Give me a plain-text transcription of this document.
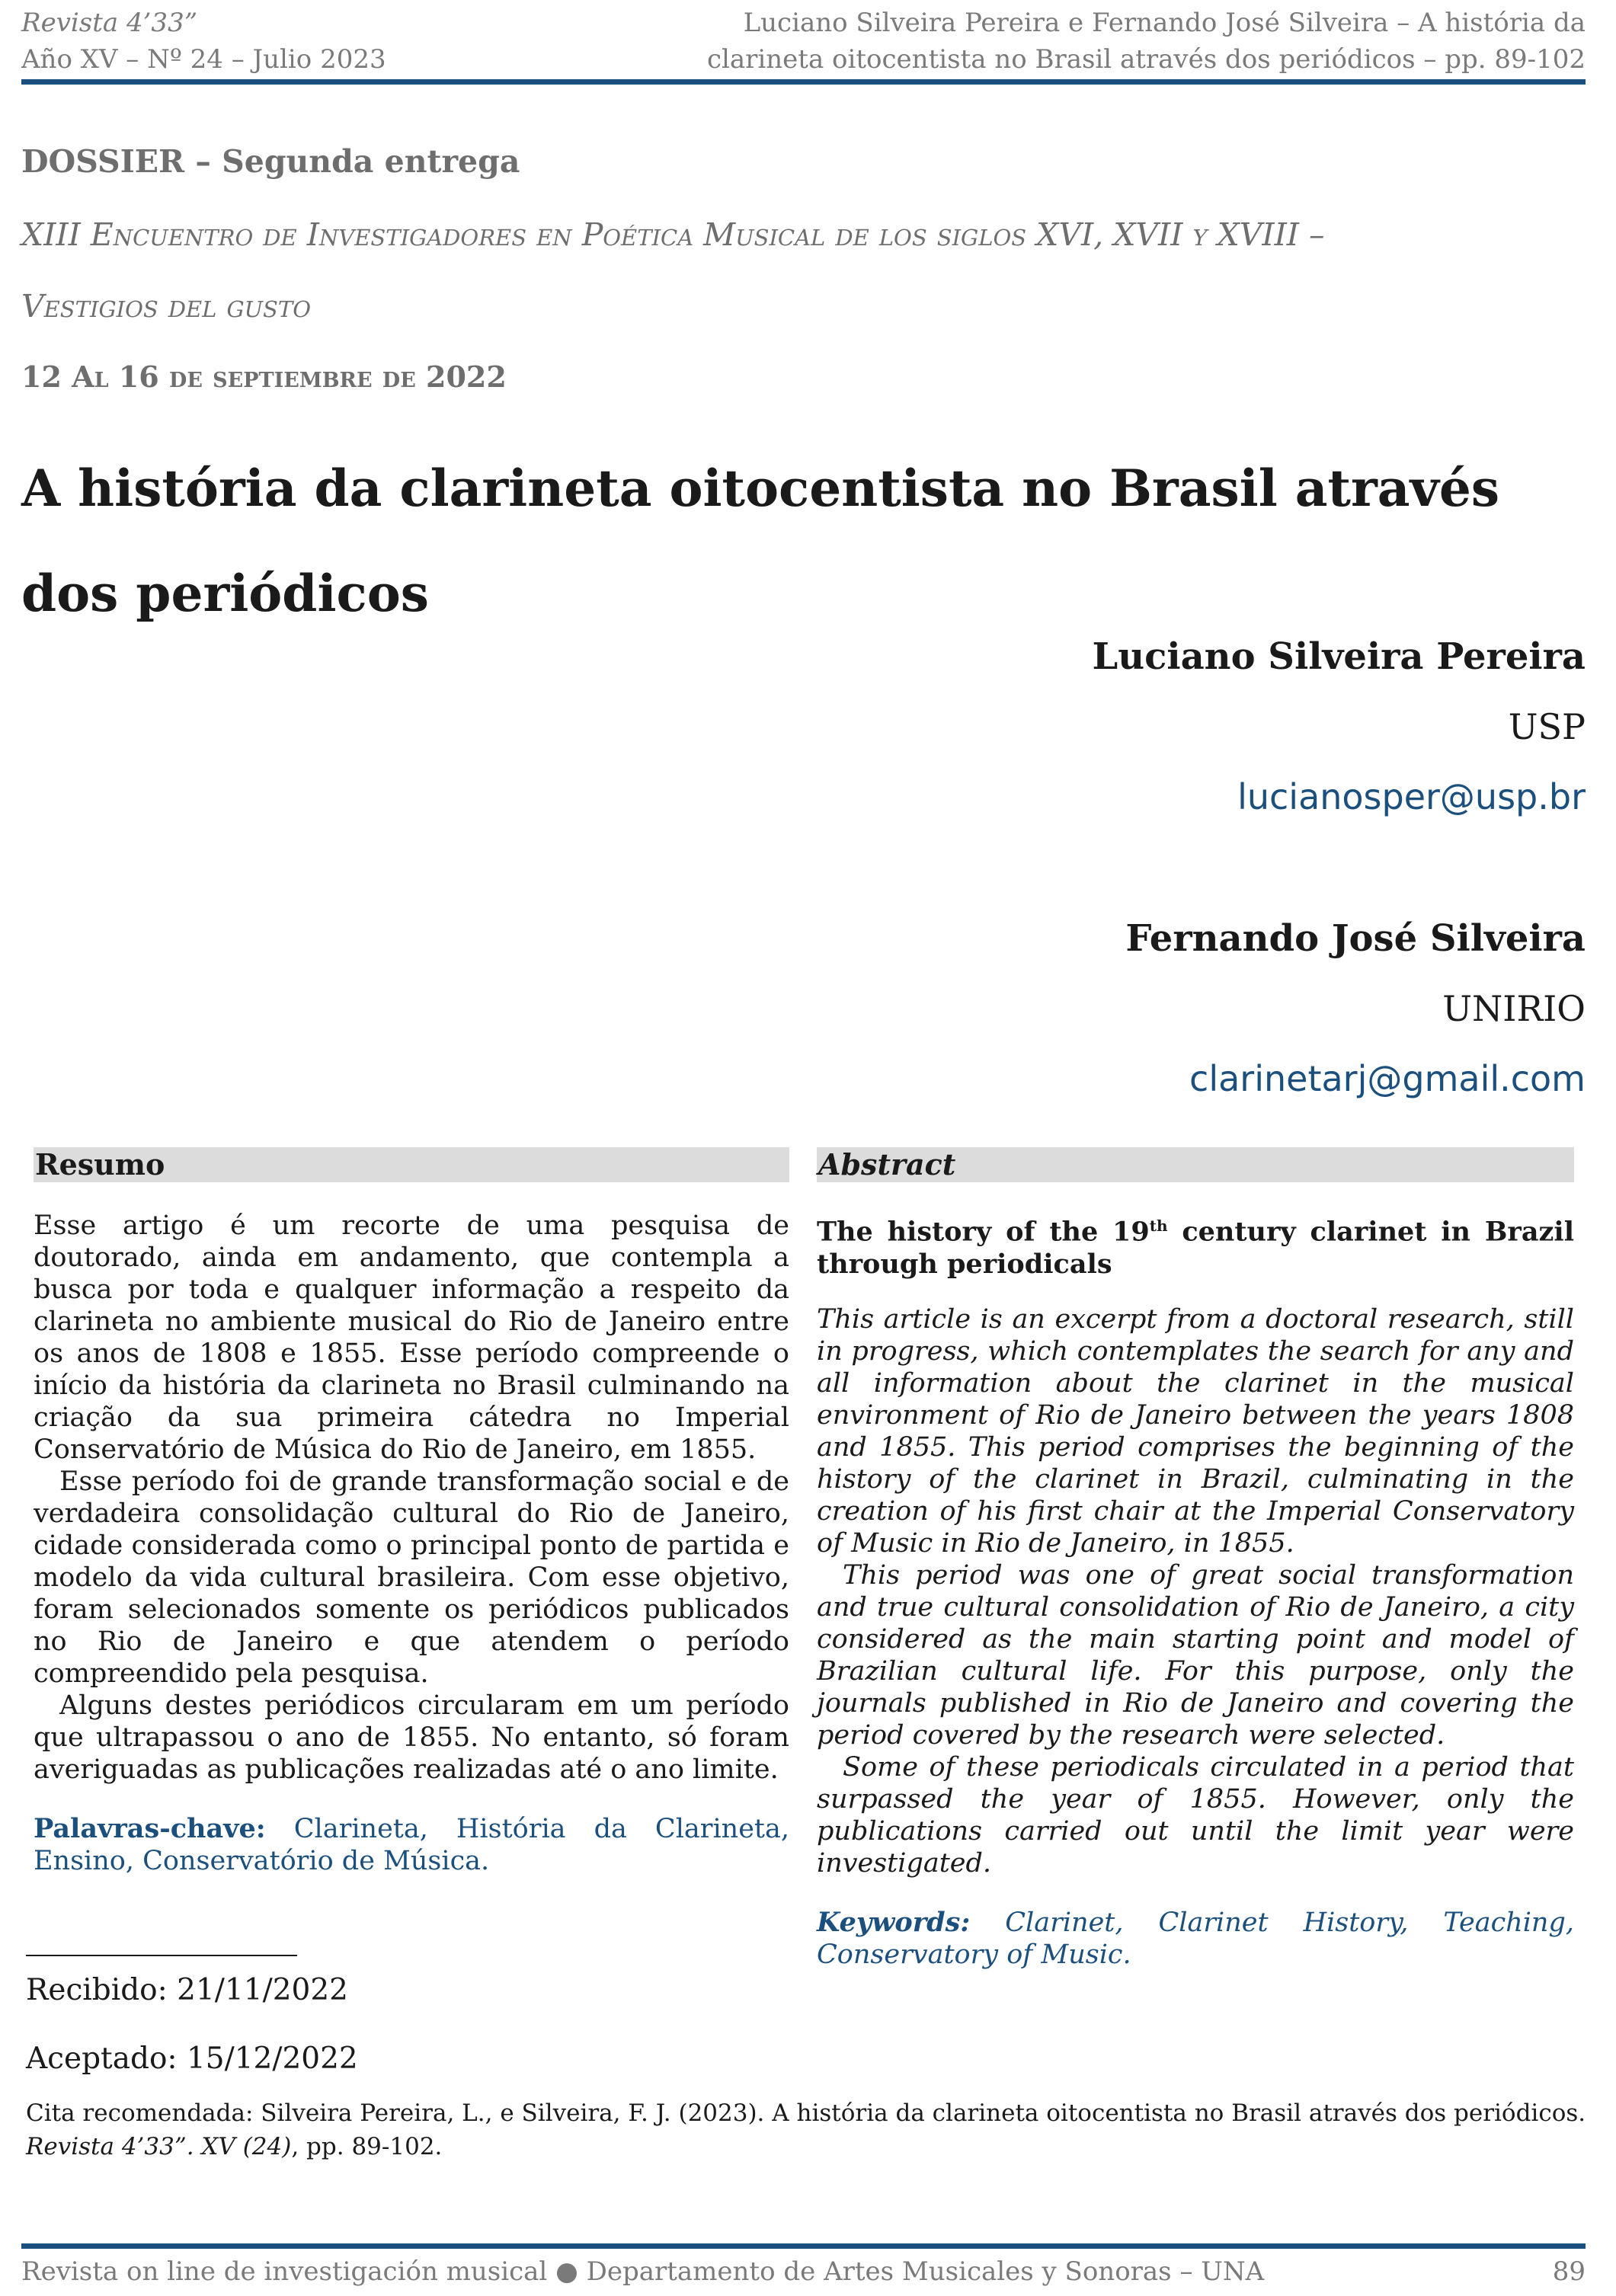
Revista 4’33”
Año XV – Nº 24 – Julio 2023
Luciano Silveira Pereira e Fernando José Silveira – A história da
clarineta oitocentista no Brasil através dos periódicos – pp. 89-102
DOSSIER – Segunda entrega
XIII Encuentro de Investigadores en Poética Musical de los siglos XVI, XVII y XVIII –
Vestigios del gusto
12 Al 16 de septiembre de 2022
A história da clarineta oitocentista no Brasil através dos periódicos
Luciano Silveira Pereira
USP
lucianosper@usp.br
Fernando José Silveira
UNIRIO
clarinetarj@gmail.com
Resumo

Esse artigo é um recorte de uma pesquisa de doutorado, ainda em andamento, que contempla a busca por toda e qualquer informação a respeito da clarineta no ambiente musical do Rio de Janeiro entre os anos de 1808 e 1855. Esse período compreende o início da história da clarineta no Brasil culminando na criação da sua primeira cátedra no Imperial Conservatório de Música do Rio de Janeiro, em 1855.

Esse período foi de grande transformação social e de verdadeira consolidação cultural do Rio de Janeiro, cidade considerada como o principal ponto de partida e modelo da vida cultural brasileira. Com esse objetivo, foram selecionados somente os periódicos publicados no Rio de Janeiro e que atendem o período compreendido pela pesquisa.

Alguns destes periódicos circularam em um período que ultrapassou o ano de 1855. No entanto, só foram averiguadas as publicações realizadas até o ano limite.

Palavras-chave: Clarineta, História da Clarineta, Ensino, Conservatório de Música.

Abstract

The history of the 19th century clarinet in Brazil through periodicals

This article is an excerpt from a doctoral research, still in progress, which contemplates the search for any and all information about the clarinet in the musical environment of Rio de Janeiro between the years 1808 and 1855. This period comprises the beginning of the history of the clarinet in Brazil, culminating in the creation of his first chair at the Imperial Conservatory of Music in Rio de Janeiro, in 1855.

This period was one of great social transformation and true cultural consolidation of Rio de Janeiro, a city considered as the main starting point and model of Brazilian cultural life. For this purpose, only the journals published in Rio de Janeiro and covering the period covered by the research were selected.

Some of these periodicals circulated in a period that surpassed the year of 1855. However, only the publications carried out until the limit year were investigated.

Keywords: Clarinet, Clarinet History, Teaching, Conservatory of Music.

Recibido: 21/11/2022
Aceptado: 15/12/2022
Cita recomendada: Silveira Pereira, L., e Silveira, F. J. (2023). A história da clarineta oitocentista no Brasil através dos periódicos.
Revista 4’33”. XV (24), pp. 89-102.
Revista on line de investigación musical ● Departamento de Artes Musicales y Sonoras – UNA	89
